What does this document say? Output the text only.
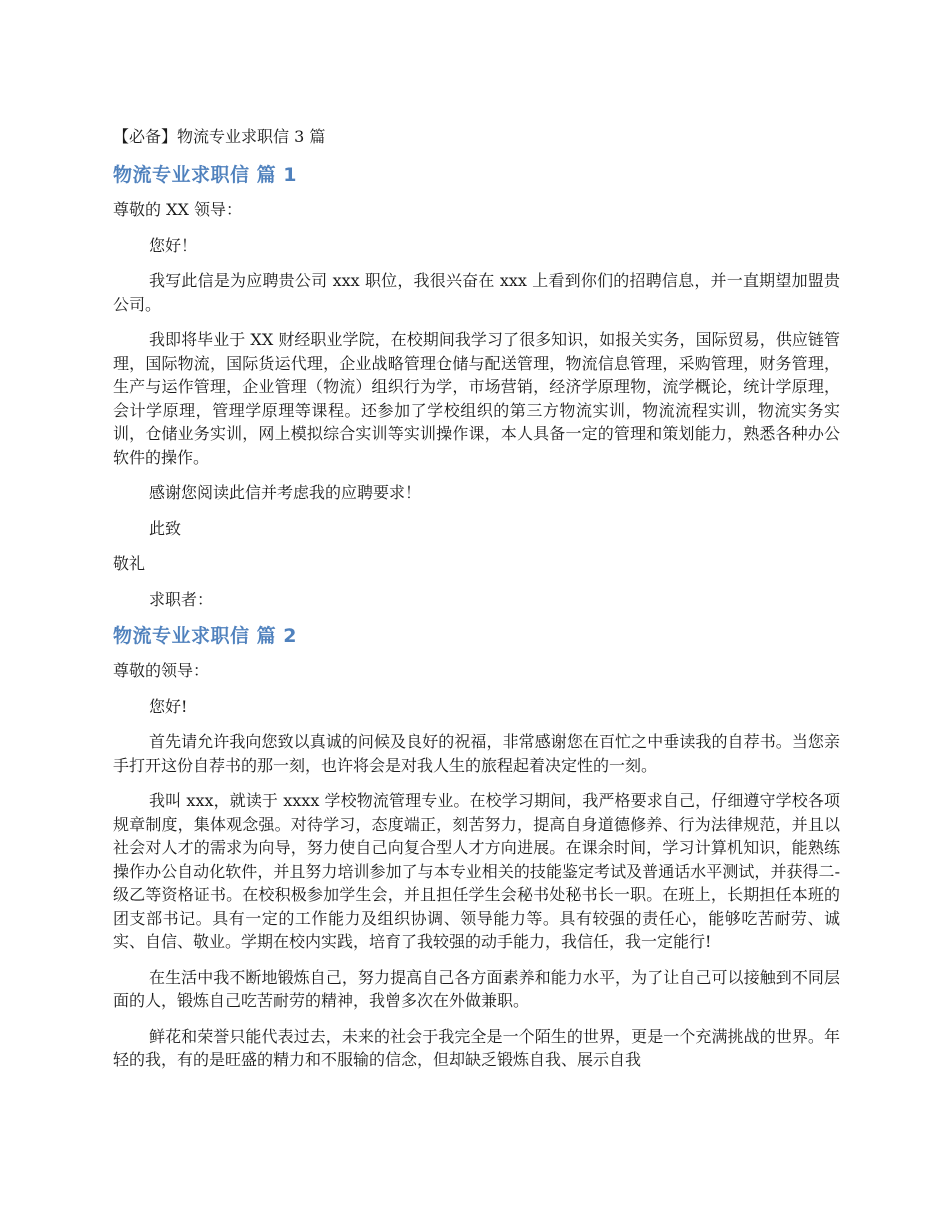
【必备】物流专业求职信 3 篇
物流专业求职信 篇 1

尊敬的 XX 领导：

您好！

我写此信是为应聘贵公司 xxx 职位，我很兴奋在 xxx 上看到你们的招聘信息，并一直期望加盟贵公司。

我即将毕业于 XX 财经职业学院，在校期间我学习了很多知识，如报关实务，国际贸易，供应链管理，国际物流，国际货运代理，企业战略管理仓储与配送管理，物流信息管理，采购管理，财务管理，生产与运作管理，企业管理（物流）组织行为学，市场营销，经济学原理物，流学概论，统计学原理，会计学原理，管理学原理等课程。还参加了学校组织的第三方物流实训，物流流程实训，物流实务实训，仓储业务实训，网上模拟综合实训等实训操作课，本人具备一定的管理和策划能力，熟悉各种办公软件的操作。

感谢您阅读此信并考虑我的应聘要求！

此致

敬礼

求职者：

物流专业求职信 篇 2

尊敬的领导：

您好!

首先请允许我向您致以真诚的问候及良好的祝福，非常感谢您在百忙之中垂读我的自荐书。当您亲手打开这份自荐书的那一刻，也许将会是对我人生的旅程起着决定性的一刻。

我叫 xxx，就读于 xxxx 学校物流管理专业。在校学习期间，我严格要求自己，仔细遵守学校各项规章制度，集体观念强。对待学习，态度端正，刻苦努力，提高自身道德修养、行为法律规范，并且以社会对人才的需求为向导，努力使自己向复合型人才方向进展。在课余时间，学习计算机知识，能熟练操作办公自动化软件，并且努力培训参加了与本专业相关的技能鉴定考试及普通话水平测试，并获得二-级乙等资格证书。在校积极参加学生会，并且担任学生会秘书处秘书长一职。在班上，长期担任本班的团支部书记。具有一定的工作能力及组织协调、领导能力等。具有较强的责任心，能够吃苦耐劳、诚实、自信、敬业。学期在校内实践，培育了我较强的动手能力，我信任，我一定能行!

在生活中我不断地锻炼自己，努力提高自己各方面素养和能力水平，为了让自己可以接触到不同层面的人，锻炼自己吃苦耐劳的精神，我曾多次在外做兼职。

鲜花和荣誉只能代表过去，未来的社会于我完全是一个陌生的世界，更是一个充满挑战的世界。年轻的我，有的是旺盛的精力和不服输的信念，但却缺乏锻炼自我、展示自我
